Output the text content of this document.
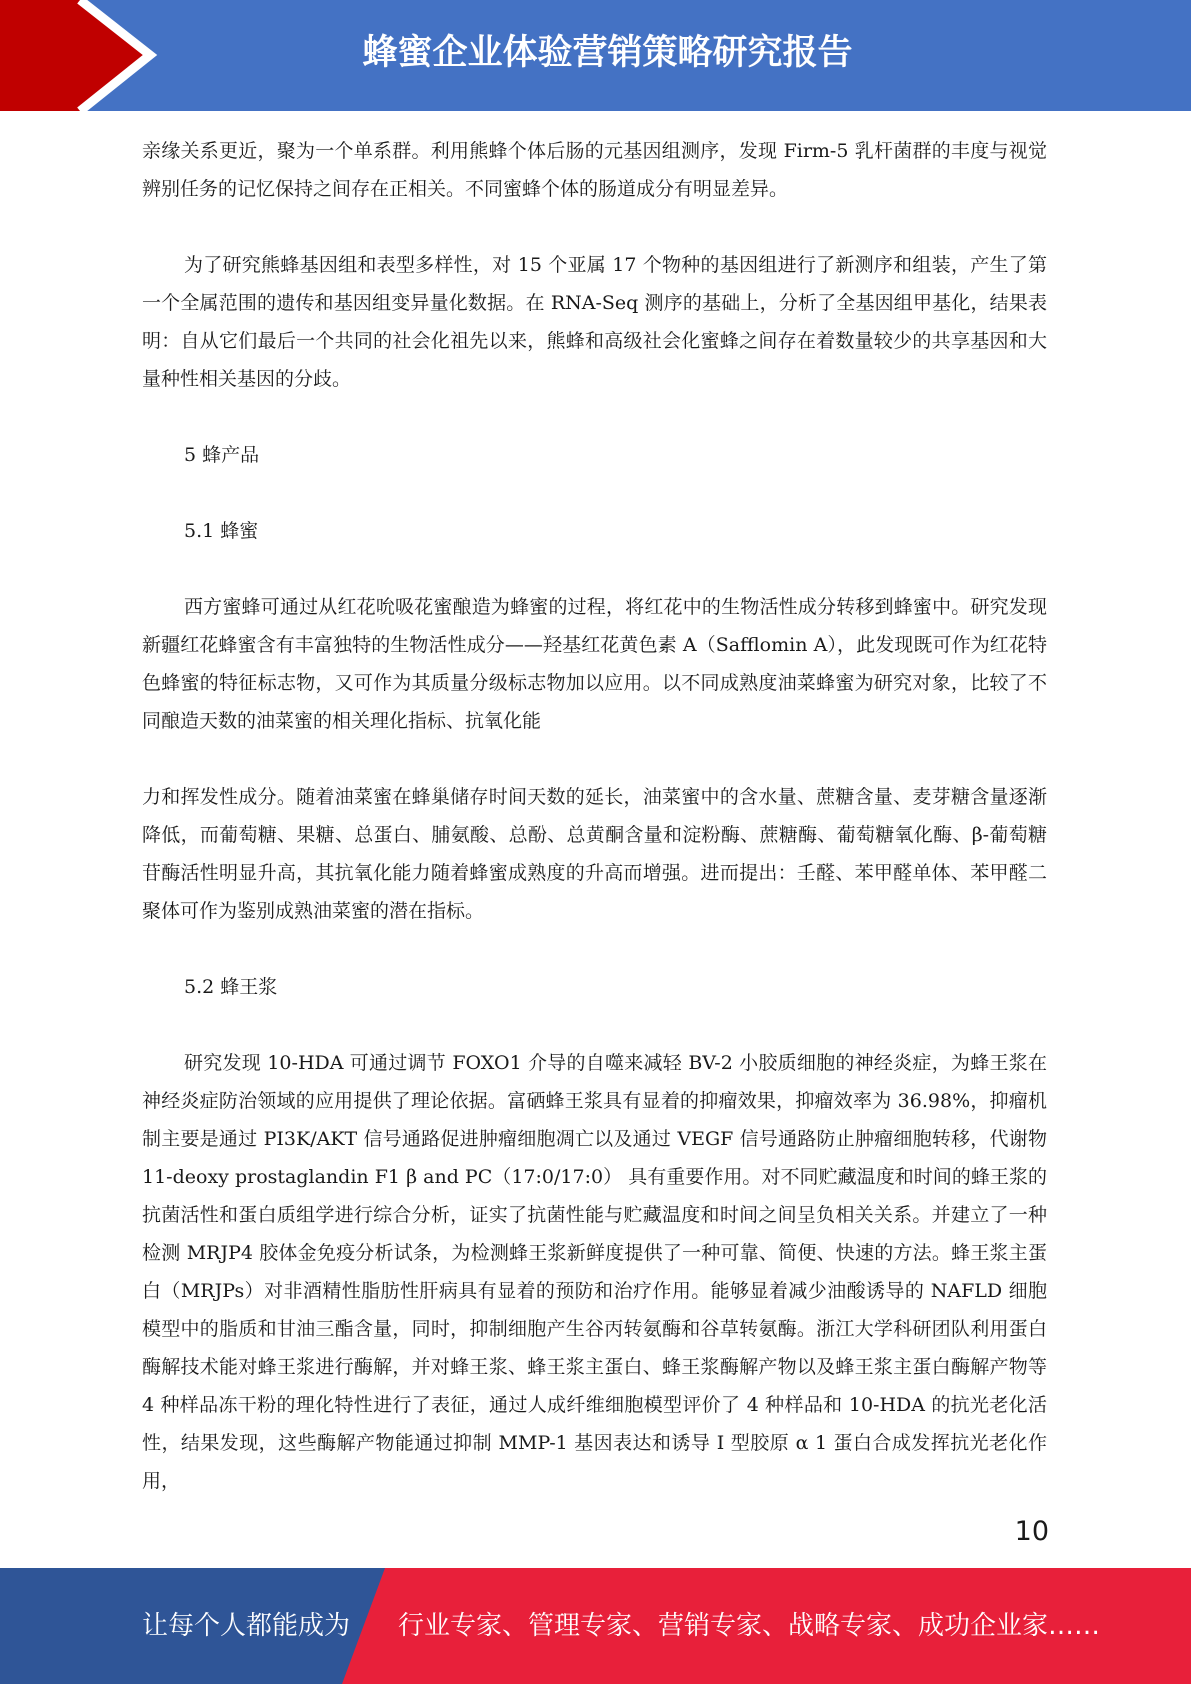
蜂蜜企业体验营销策略研究报告

亲缘关系更近，聚为一个单系群。利用熊蜂个体后肠的元基因组测序，发现 Firm-5 乳杆菌群的丰度与视觉辨别任务的记忆保持之间存在正相关。不同蜜蜂个体的肠道成分有明显差异。

为了研究熊蜂基因组和表型多样性，对 15 个亚属 17 个物种的基因组进行了新测序和组装，产生了第一个全属范围的遗传和基因组变异量化数据。在 RNA-Seq 测序的基础上，分析了全基因组甲基化，结果表明：自从它们最后一个共同的社会化祖先以来，熊蜂和高级社会化蜜蜂之间存在着数量较少的共享基因和大量种性相关基因的分歧。

5 蜂产品

5.1 蜂蜜

西方蜜蜂可通过从红花吮吸花蜜酿造为蜂蜜的过程，将红花中的生物活性成分转移到蜂蜜中。研究发现新疆红花蜂蜜含有丰富独特的生物活性成分——羟基红花黄色素 A（Safflomin A），此发现既可作为红花特色蜂蜜的特征标志物，又可作为其质量分级标志物加以应用。以不同成熟度油菜蜂蜜为研究对象，比较了不同酿造天数的油菜蜜的相关理化指标、抗氧化能

力和挥发性成分。随着油菜蜜在蜂巢储存时间天数的延长，油菜蜜中的含水量、蔗糖含量、麦芽糖含量逐渐降低，而葡萄糖、果糖、总蛋白、脯氨酸、总酚、总黄酮含量和淀粉酶、蔗糖酶、葡萄糖氧化酶、β-葡萄糖苷酶活性明显升高，其抗氧化能力随着蜂蜜成熟度的升高而增强。进而提出：壬醛、苯甲醛单体、苯甲醛二聚体可作为鉴别成熟油菜蜜的潜在指标。

5.2 蜂王浆

研究发现 10-HDA 可通过调节 FOXO1 介导的自噬来减轻 BV-2 小胶质细胞的神经炎症，为蜂王浆在神经炎症防治领域的应用提供了理论依据。富硒蜂王浆具有显着的抑瘤效果，抑瘤效率为 36.98%，抑瘤机制主要是通过 PI3K/AKT 信号通路促进肿瘤细胞凋亡以及通过 VEGF 信号通路防止肿瘤细胞转移，代谢物 11-deoxy prostaglandin F1 β and PC（17:0/17:0） 具有重要作用。对不同贮藏温度和时间的蜂王浆的抗菌活性和蛋白质组学进行综合分析，证实了抗菌性能与贮藏温度和时间之间呈负相关关系。并建立了一种检测 MRJP4 胶体金免疫分析试条，为检测蜂王浆新鲜度提供了一种可靠、简便、快速的方法。蜂王浆主蛋白（MRJPs）对非酒精性脂肪性肝病具有显着的预防和治疗作用。能够显着减少油酸诱导的 NAFLD 细胞模型中的脂质和甘油三酯含量，同时，抑制细胞产生谷丙转氨酶和谷草转氨酶。浙江大学科研团队利用蛋白酶解技术能对蜂王浆进行酶解，并对蜂王浆、蜂王浆主蛋白、蜂王浆酶解产物以及蜂王浆主蛋白酶解产物等 4 种样品冻干粉的理化特性进行了表征，通过人成纤维细胞模型评价了 4 种样品和 10-HDA 的抗光老化活性，结果发现，这些酶解产物能通过抑制 MMP-1 基因表达和诱导 I 型胶原 α 1 蛋白合成发挥抗光老化作用，

10
让每个人都能成为 行业专家、管理专家、营销专家、战略专家、成功企业家……
